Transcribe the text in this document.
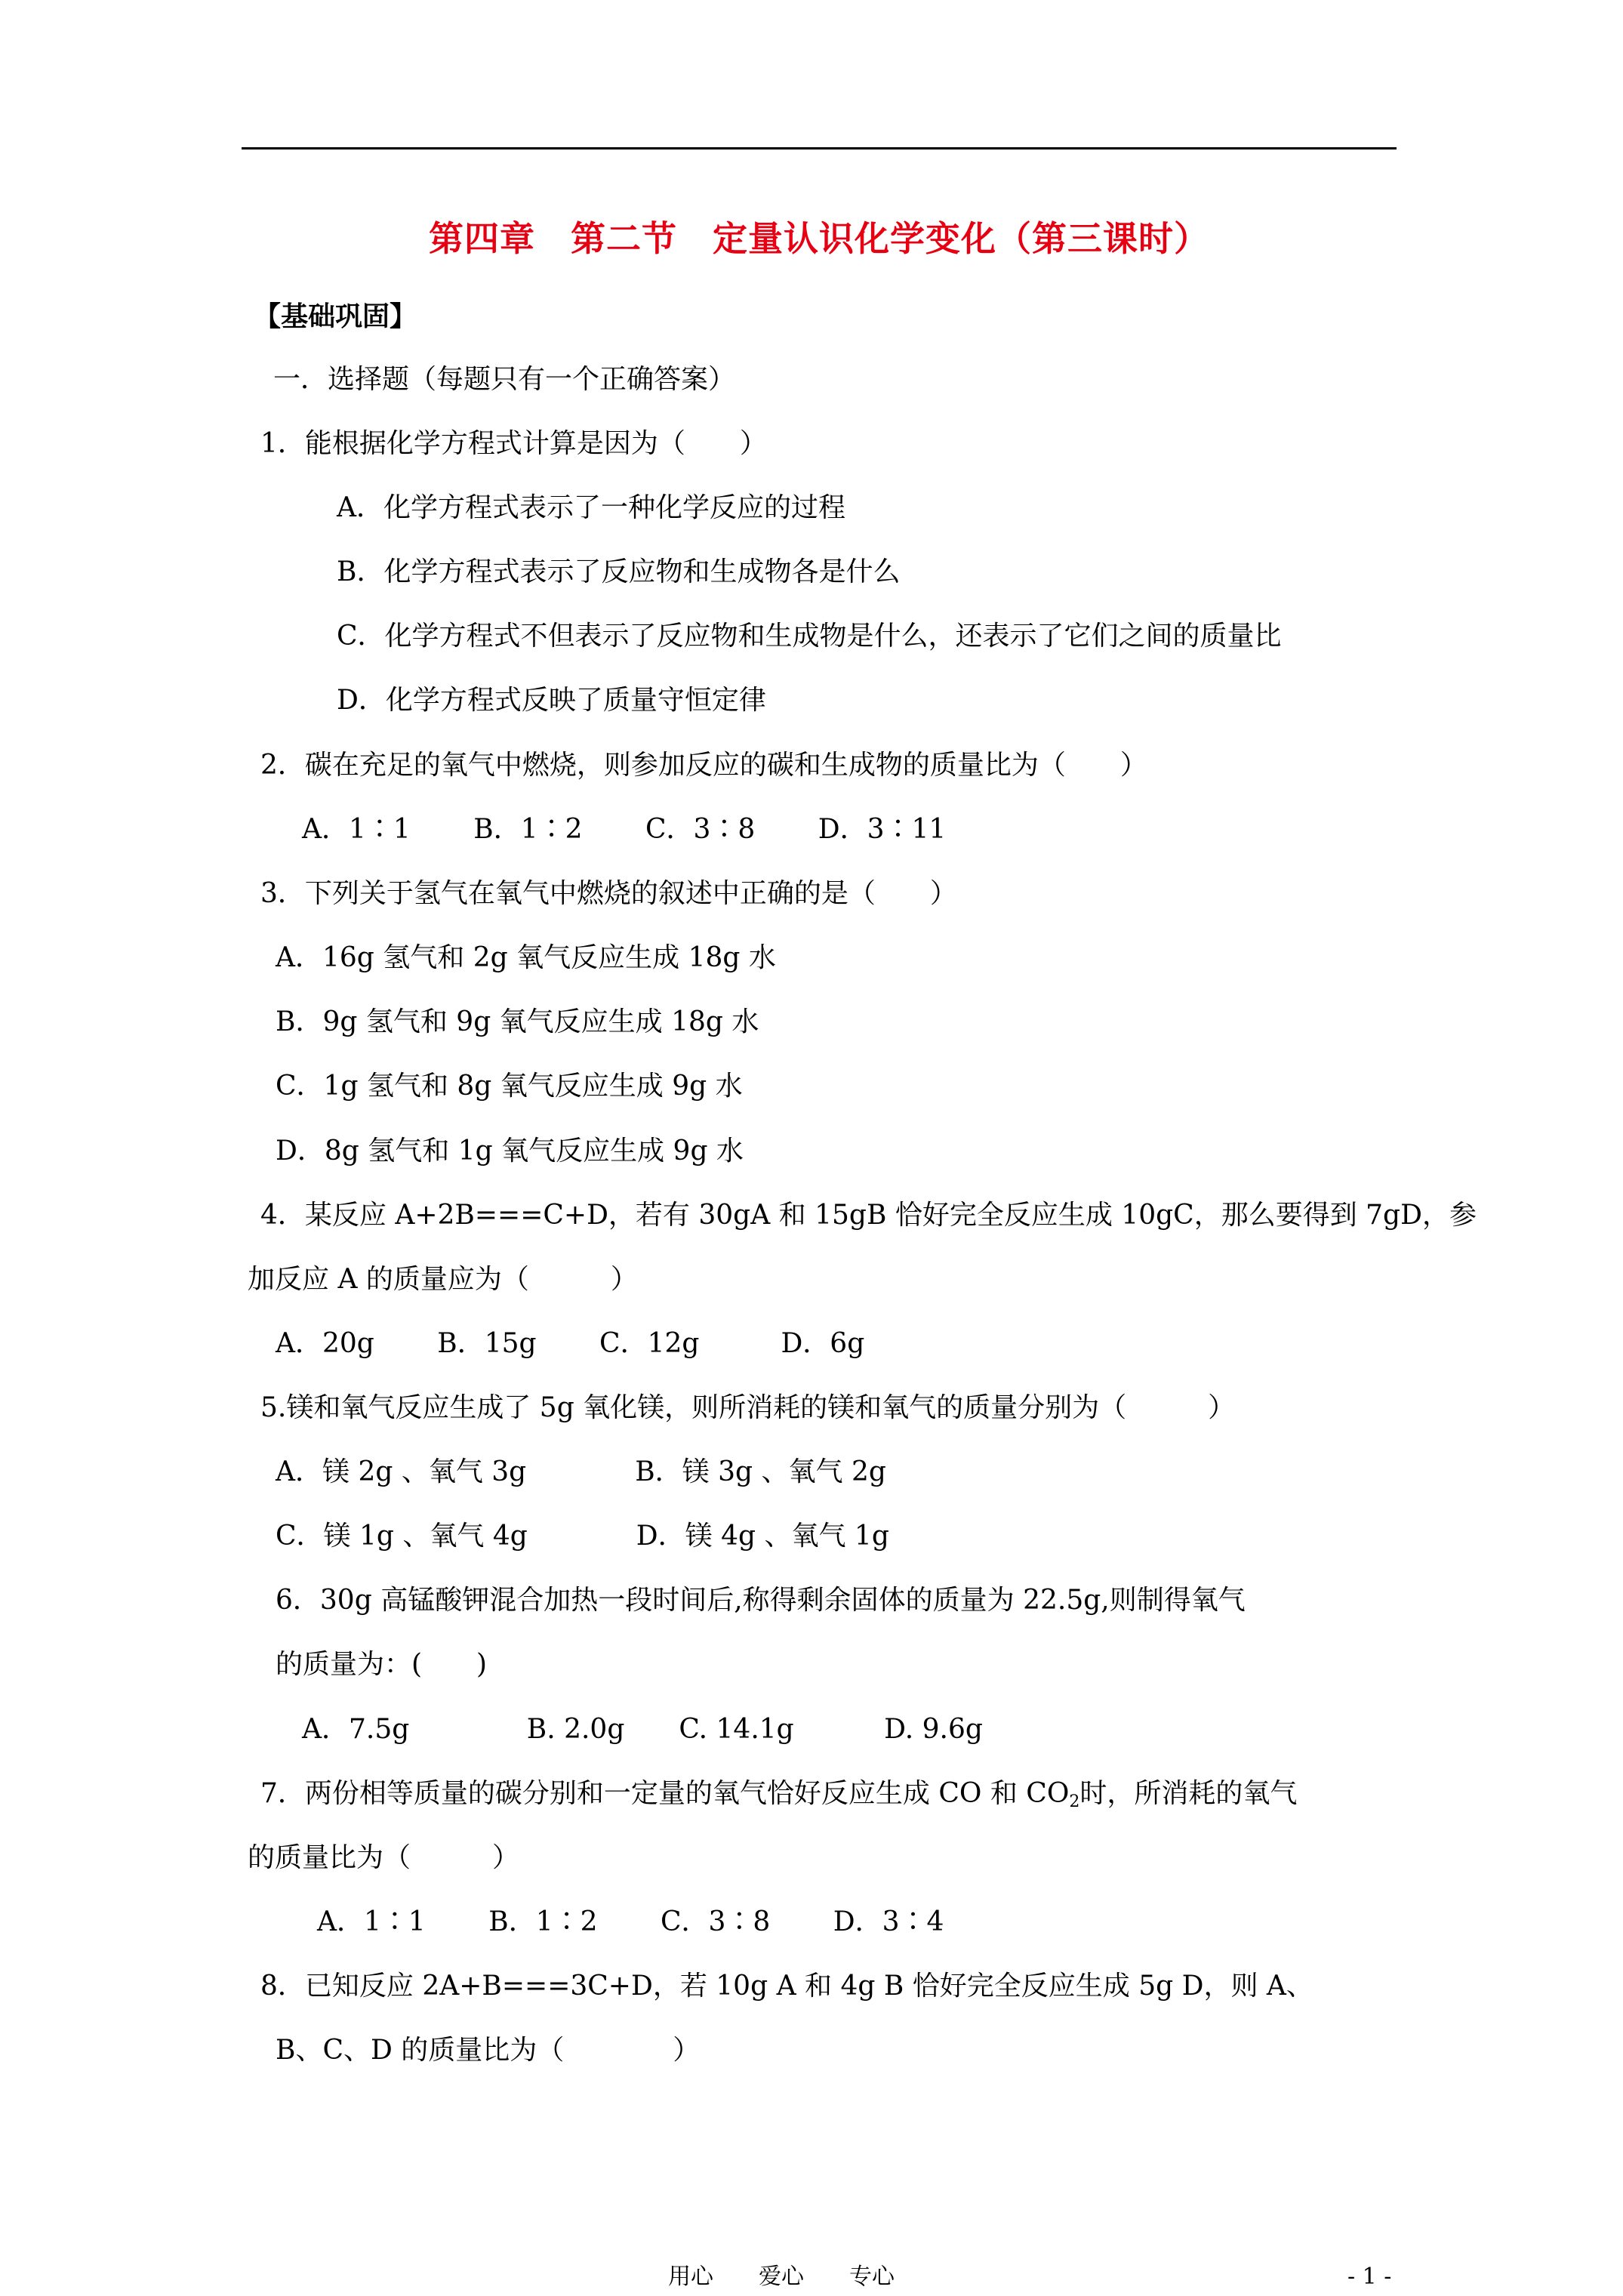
第四章　第二节　定量认识化学变化（第三课时）
【基础巩固】
一．选择题（每题只有一个正确答案）
1．能根据化学方程式计算是因为（　　）
A．化学方程式表示了一种化学反应的过程
B．化学方程式表示了反应物和生成物各是什么
C．化学方程式不但表示了反应物和生成物是什么，还表示了它们之间的质量比
D．化学方程式反映了质量守恒定律
2．碳在充足的氧气中燃烧，则参加反应的碳和生成物的质量比为（　　）
A．1∶1　　 B．1∶2　　 C．3∶8　　 D．3∶11
3．下列关于氢气在氧气中燃烧的叙述中正确的是（　　）
A．16g 氢气和 2g 氧气反应生成 18g 水
B．9g 氢气和 9g 氧气反应生成 18g 水
C．1g 氢气和 8g 氧气反应生成 9g 水
D．8g 氢气和 1g 氧气反应生成 9g 水
4．某反应 A+2B===C+D，若有 30gA 和 15gB 恰好完全反应生成 10gC，那么要得到 7gD，参
加反应 A 的质量应为（　　　）
A．20g　　 B．15g　　 C．12g　　　D．6g
5.镁和氧气反应生成了 5g 氧化镁，则所消耗的镁和氧气的质量分别为（　　　）
A．镁 2g 、氧气 3g　　　　B．镁 3g 、氧气 2g
C．镁 1g 、氧气 4g　　　　D．镁 4g 、氧气 1g
6．30g 高锰酸钾混合加热一段时间后,称得剩余固体的质量为 22.5g,则制得氧气
的质量为：(　　)
A．7.5g　　　　 B. 2.0g　　C. 14.1g　　　 D. 9.6g
7．两份相等质量的碳分别和一定量的氧气恰好反应生成 CO 和 $CO_2$时，所消耗的氧气
的质量比为（　　　）
A．1∶1　　 B．1∶2　　 C．3∶8　　 D．3∶4
8．已知反应 2A+B===3C+D，若 10g A 和 4g B 恰好完全反应生成 5g D，则 A、
B、C、D 的质量比为（　　　　）
用心　　爱心　　专心	- 1 -
